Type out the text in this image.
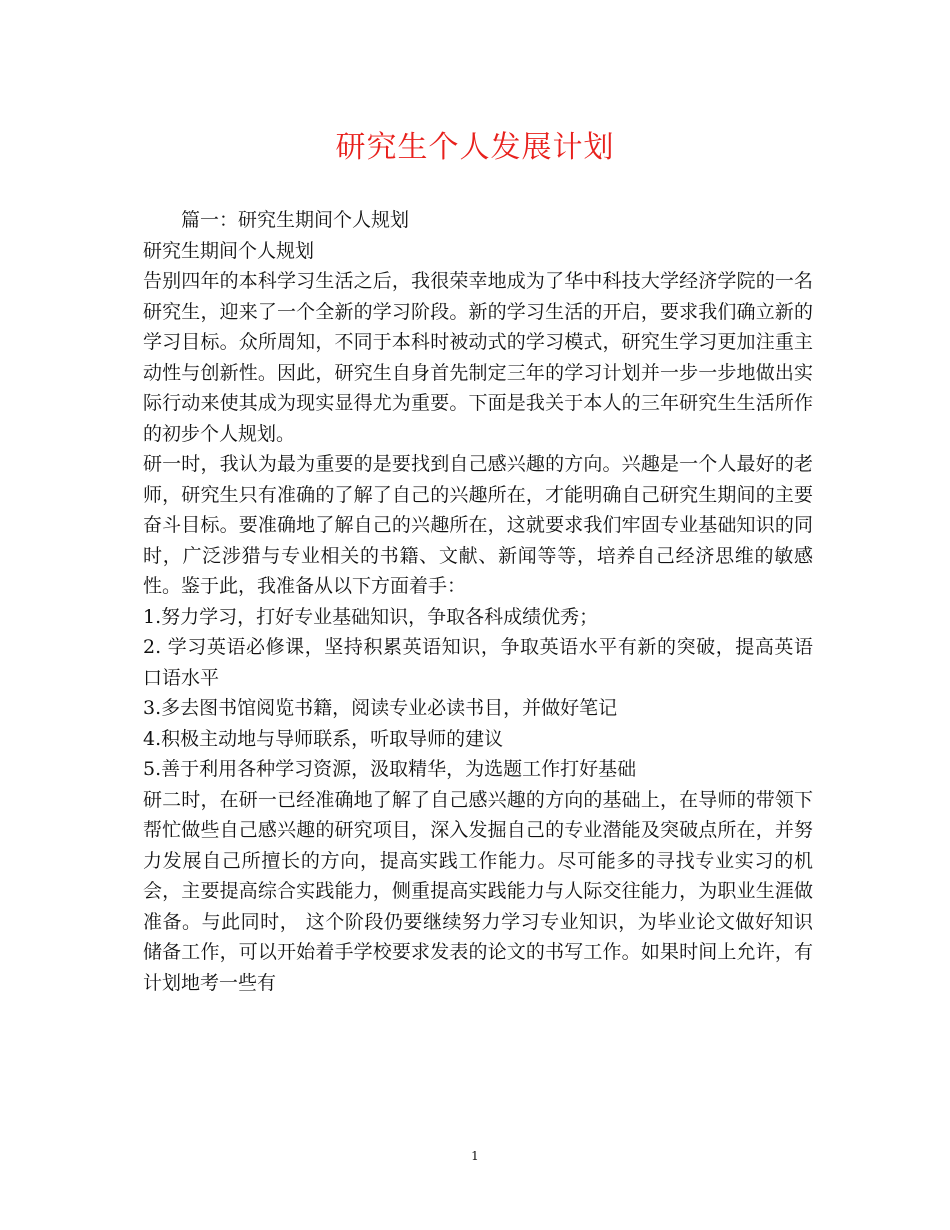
研究生个人发展计划

篇一：研究生期间个人规划

研究生期间个人规划

告别四年的本科学习生活之后，我很荣幸地成为了华中科技大学经济学院的一名研究生，迎来了一个全新的学习阶段。新的学习生活的开启，要求我们确立新的学习目标。众所周知，不同于本科时被动式的学习模式，研究生学习更加注重主动性与创新性。因此，研究生自身首先制定三年的学习计划并一步一步地做出实际行动来使其成为现实显得尤为重要。下面是我关于本人的三年研究生生活所作的初步个人规划。

研一时，我认为最为重要的是要找到自己感兴趣的方向。兴趣是一个人最好的老师，研究生只有准确的了解了自己的兴趣所在，才能明确自己研究生期间的主要奋斗目标。要准确地了解自己的兴趣所在，这就要求我们牢固专业基础知识的同时，广泛涉猎与专业相关的书籍、文献、新闻等等，培养自己经济思维的敏感性。鉴于此，我准备从以下方面着手：

1.努力学习，打好专业基础知识，争取各科成绩优秀；

2. 学习英语必修课，坚持积累英语知识，争取英语水平有新的突破，提高英语口语水平

3.多去图书馆阅览书籍，阅读专业必读书目，并做好笔记

4.积极主动地与导师联系，听取导师的建议

5.善于利用各种学习资源，汲取精华，为选题工作打好基础

研二时，在研一已经准确地了解了自己感兴趣的方向的基础上，在导师的带领下帮忙做些自己感兴趣的研究项目，深入发掘自己的专业潜能及突破点所在，并努力发展自己所擅长的方向，提高实践工作能力。尽可能多的寻找专业实习的机会，主要提高综合实践能力，侧重提高实践能力与人际交往能力，为职业生涯做准备。与此同时， 这个阶段仍要继续努力学习专业知识，为毕业论文做好知识储备工作，可以开始着手学校要求发表的论文的书写工作。如果时间上允许，有计划地考一些有

1
